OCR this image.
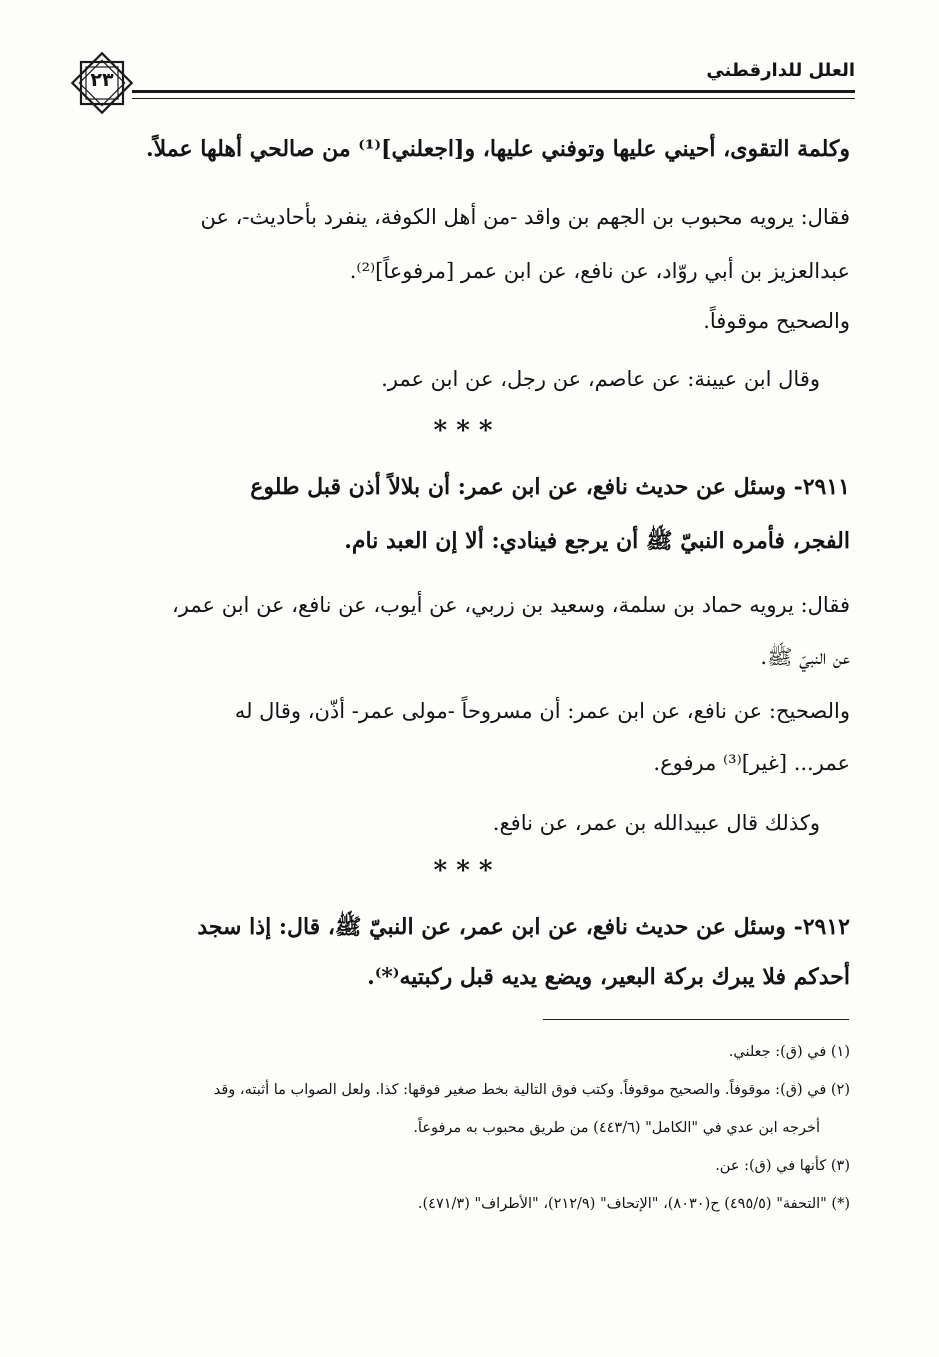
٢٣	العلل للدارقطني
وكلمة التقوى، أحيني عليها وتوفني عليها، و[اجعلني]⁽¹⁾ من صالحي أهلها عملاً.
فقال: يرويه محبوب بن الجهم بن واقد -من أهل الكوفة، ينفرد بأحاديث-، عن
عبدالعزيز بن أبي روّاد، عن نافع، عن ابن عمر [مرفوعاً]⁽²⁾.
والصحيح موقوفاً.
وقال ابن عيينة: عن عاصم، عن رجل، عن ابن عمر.
* * *
٢٩١١- وسئل عن حديث نافع، عن ابن عمر: أن بلالاً أذن قبل طلوع
الفجر، فأمره النبيّ ﷺ أن يرجع فينادي: ألا إن العبد نام.
فقال: يرويه حماد بن سلمة، وسعيد بن زربي، عن أيوب، عن نافع، عن ابن عمر،
عن النبيّ ﷺ.
والصحيح: عن نافع، عن ابن عمر: أن مسروحاً -مولى عمر- أذّن، وقال له
عمر... [غير]⁽³⁾ مرفوع.
وكذلك قال عبيدالله بن عمر، عن نافع.
* * *
٢٩١٢- وسئل عن حديث نافع، عن ابن عمر، عن النبيّ ﷺ، قال: إذا سجد
أحدكم فلا يبرك بركة البعير، ويضع يديه قبل ركبتيه⁽*⁾.
(١) في (ق): جعلني.
(٢) في (ق): موقوفاً. والصحيح موقوفاً. وكتب فوق التالية بخط صغير فوقها: كذا. ولعل الصواب ما أثبته، وقد
أخرجه ابن عدي في "الكامل" (٤٤٣/٦) من طريق محبوب به مرفوعاً.
(٣) كأنها في (ق): عن.
(*) "التحفة" (٤٩٥/٥) ح(٨٠٣٠)، "الإتحاف" (٢١٢/٩)، "الأطراف" (٤٧١/٣).
